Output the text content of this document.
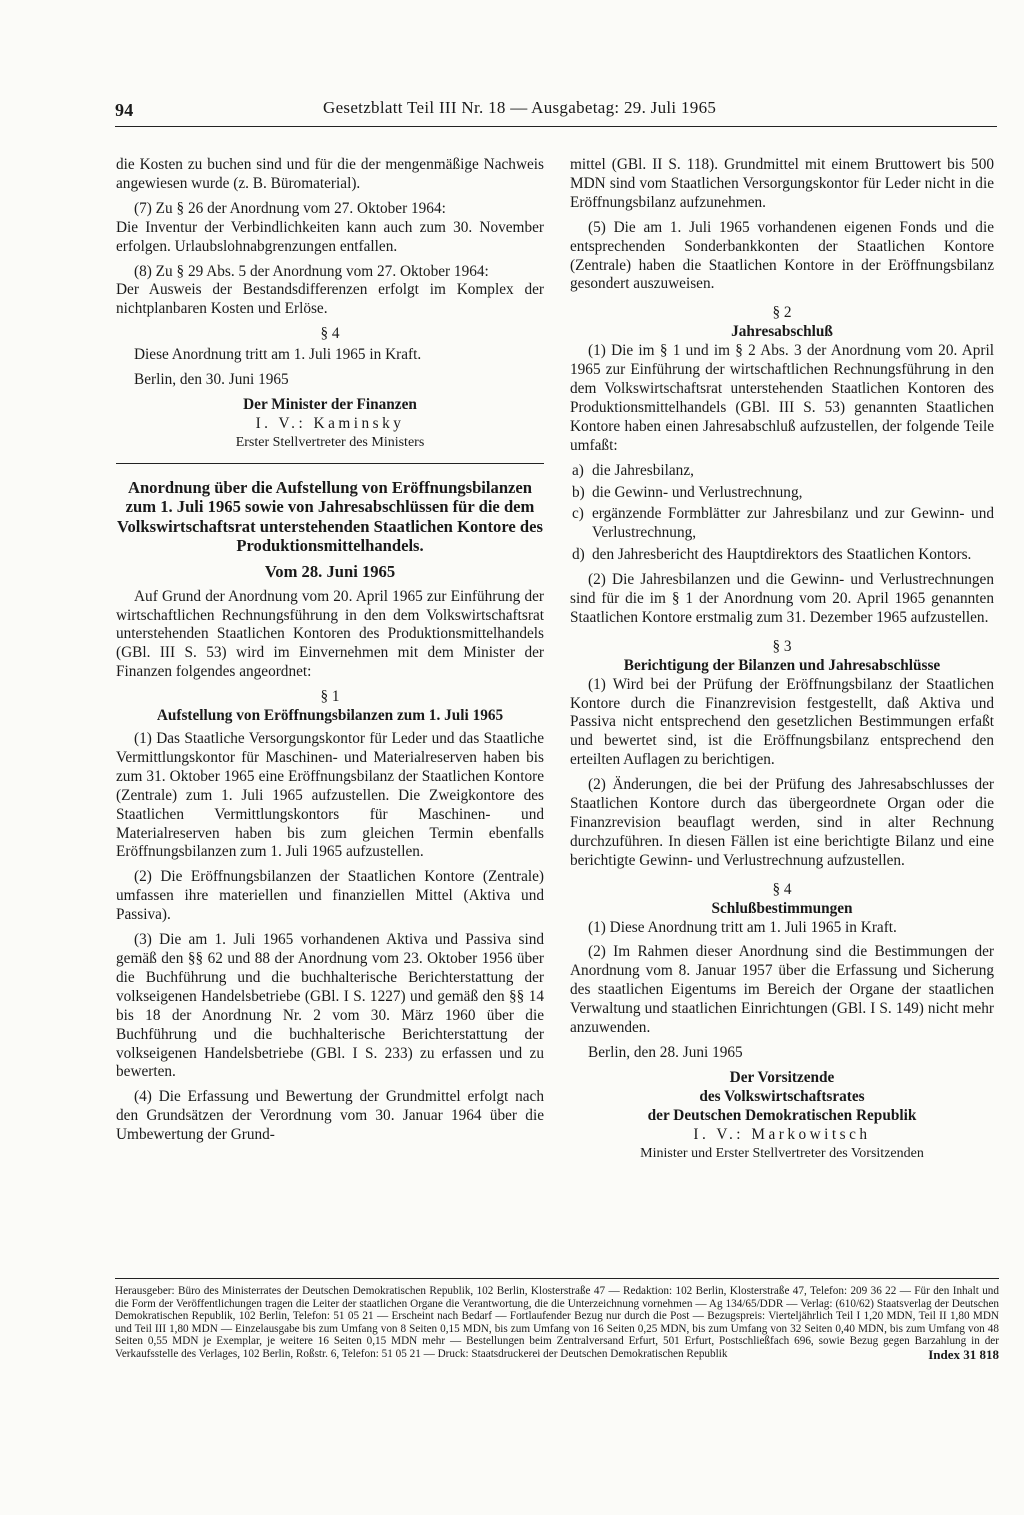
94	Gesetzblatt Teil III Nr. 18 — Ausgabetag: 29. Juli 1965

die Kosten zu buchen sind und für die der mengenmäßige Nachweis angewiesen wurde (z. B. Büromaterial).

(7) Zu § 26 der Anordnung vom 27. Oktober 1964:

Die Inventur der Verbindlichkeiten kann auch zum 30. November erfolgen. Urlaubslohnabgrenzungen entfallen.

(8) Zu § 29 Abs. 5 der Anordnung vom 27. Oktober 1964:

Der Ausweis der Bestandsdifferenzen erfolgt im Komplex der nichtplanbaren Kosten und Erlöse.

§ 4

Diese Anordnung tritt am 1. Juli 1965 in Kraft.

Berlin, den 30. Juni 1965

Der Minister der Finanzen

I. V.: Kaminsky

Erster Stellvertreter des Ministers

Anordnung über die Aufstellung von Eröffnungsbilanzen zum 1. Juli 1965 sowie von Jahresabschlüssen für die dem Volkswirtschaftsrat unterstehenden Staatlichen Kontore des Produktionsmittelhandels.

Vom 28. Juni 1965

Auf Grund der Anordnung vom 20. April 1965 zur Einführung der wirtschaftlichen Rechnungsführung in den dem Volkswirtschaftsrat unterstehenden Staatlichen Kontoren des Produktionsmittelhandels (GBl. III S. 53) wird im Einvernehmen mit dem Minister der Finanzen folgendes angeordnet:

§ 1

Aufstellung von Eröffnungsbilanzen zum 1. Juli 1965

(1) Das Staatliche Versorgungskontor für Leder und das Staatliche Vermittlungskontor für Maschinen- und Materialreserven haben bis zum 31. Oktober 1965 eine Eröffnungsbilanz der Staatlichen Kontore (Zentrale) zum 1. Juli 1965 aufzustellen. Die Zweigkontore des Staatlichen Vermittlungskontors für Maschinen- und Materialreserven haben bis zum gleichen Termin ebenfalls Eröffnungsbilanzen zum 1. Juli 1965 aufzustellen.

(2) Die Eröffnungsbilanzen der Staatlichen Kontore (Zentrale) umfassen ihre materiellen und finanziellen Mittel (Aktiva und Passiva).

(3) Die am 1. Juli 1965 vorhandenen Aktiva und Passiva sind gemäß den §§ 62 und 88 der Anordnung vom 23. Oktober 1956 über die Buchführung und die buchhalterische Berichterstattung der volkseigenen Handelsbetriebe (GBl. I S. 1227) und gemäß den §§ 14 bis 18 der Anordnung Nr. 2 vom 30. März 1960 über die Buchführung und die buchhalterische Berichterstattung der volkseigenen Handelsbetriebe (GBl. I S. 233) zu erfassen und zu bewerten.

(4) Die Erfassung und Bewertung der Grundmittel erfolgt nach den Grundsätzen der Verordnung vom 30. Januar 1964 über die Umbewertung der Grund-

mittel (GBl. II S. 118). Grundmittel mit einem Bruttowert bis 500 MDN sind vom Staatlichen Versorgungskontor für Leder nicht in die Eröffnungsbilanz aufzunehmen.

(5) Die am 1. Juli 1965 vorhandenen eigenen Fonds und die entsprechenden Sonderbankkonten der Staatlichen Kontore (Zentrale) haben die Staatlichen Kontore in der Eröffnungsbilanz gesondert auszuweisen.

§ 2

Jahresabschluß

(1) Die im § 1 und im § 2 Abs. 3 der Anordnung vom 20. April 1965 zur Einführung der wirtschaftlichen Rechnungsführung in den dem Volkswirtschaftsrat unterstehenden Staatlichen Kontoren des Produktionsmittelhandels (GBl. III S. 53) genannten Staatlichen Kontore haben einen Jahresabschluß aufzustellen, der folgende Teile umfaßt:

a) die Jahresbilanz,
b) die Gewinn- und Verlustrechnung,
c) ergänzende Formblätter zur Jahresbilanz und zur Gewinn- und Verlustrechnung,
d) den Jahresbericht des Hauptdirektors des Staatlichen Kontors.

(2) Die Jahresbilanzen und die Gewinn- und Verlustrechnungen sind für die im § 1 der Anordnung vom 20. April 1965 genannten Staatlichen Kontore erstmalig zum 31. Dezember 1965 aufzustellen.

§ 3

Berichtigung der Bilanzen und Jahresabschlüsse

(1) Wird bei der Prüfung der Eröffnungsbilanz der Staatlichen Kontore durch die Finanzrevision festgestellt, daß Aktiva und Passiva nicht entsprechend den gesetzlichen Bestimmungen erfaßt und bewertet sind, ist die Eröffnungsbilanz entsprechend den erteilten Auflagen zu berichtigen.

(2) Änderungen, die bei der Prüfung des Jahresabschlusses der Staatlichen Kontore durch das übergeordnete Organ oder die Finanzrevision beauflagt werden, sind in alter Rechnung durchzuführen. In diesen Fällen ist eine berichtigte Bilanz und eine berichtigte Gewinn- und Verlustrechnung aufzustellen.

§ 4

Schlußbestimmungen

(1) Diese Anordnung tritt am 1. Juli 1965 in Kraft.

(2) Im Rahmen dieser Anordnung sind die Bestimmungen der Anordnung vom 8. Januar 1957 über die Erfassung und Sicherung des staatlichen Eigentums im Bereich der Organe der staatlichen Verwaltung und staatlichen Einrichtungen (GBl. I S. 149) nicht mehr anzuwenden.

Berlin, den 28. Juni 1965

Der Vorsitzende

des Volkswirtschaftsrates

der Deutschen Demokratischen Republik

I. V.: Markowitsch

Minister und Erster Stellvertreter des Vorsitzenden

Herausgeber: Büro des Ministerrates der Deutschen Demokratischen Republik, 102 Berlin, Klosterstraße 47 — Redaktion: 102 Berlin, Klosterstraße 47, Telefon: 209 36 22 — Für den Inhalt und die Form der Veröffentlichungen tragen die Leiter der staatlichen Organe die Verantwortung, die die Unterzeichnung vornehmen — Ag 134/65/DDR — Verlag: (610/62) Staatsverlag der Deutschen Demokratischen Republik, 102 Berlin, Telefon: 51 05 21 — Erscheint nach Bedarf — Fortlaufender Bezug nur durch die Post — Bezugspreis: Vierteljährlich Teil I 1,20 MDN, Teil II 1,80 MDN und Teil III 1,80 MDN — Einzelausgabe bis zum Umfang von 8 Seiten 0,15 MDN, bis zum Umfang von 16 Seiten 0,25 MDN, bis zum Umfang von 32 Seiten 0,40 MDN, bis zum Umfang von 48 Seiten 0,55 MDN je Exemplar, je weitere 16 Seiten 0,15 MDN mehr — Bestellungen beim Zentralversand Erfurt, 501 Erfurt, Postschließfach 696, sowie Bezug gegen Barzahlung in der Verkaufsstelle des Verlages, 102 Berlin, Roßstr. 6, Telefon: 51 05 21 — Druck: Staatsdruckerei der Deutschen Demokratischen Republik	Index 31 818
